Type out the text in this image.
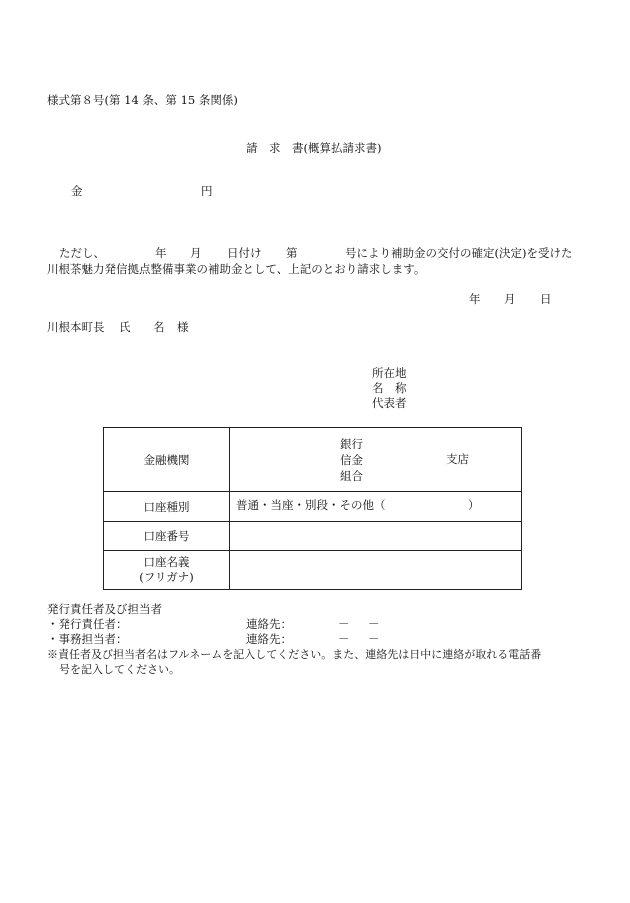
様式第８号(第 14 条、第 15 条関係)
請　求　書(概算払請求書)
金	円
ただし、	年 月 日付け 第	号により補助金の交付の確定(決定)を受けた
川根茶魅力発信拠点整備事業の補助金として、上記のとおり請求します。
年 月 日
川根本町長 氏 名 様
所在地
名　称
代表者
金融機関	銀行
信金
組合
支店

口座種別	普通・当座・別段・その他（ ）

口座番号	

口座名義
(フリガナ)	

発行責任者及び担当者
・発行責任者：	連絡先：	－ －
・事務担当者：	連絡先：	－ －
※責任者及び担当者名はフルネームを記入してください。また、連絡先は日中に連絡が取れる電話番
号を記入してください。
